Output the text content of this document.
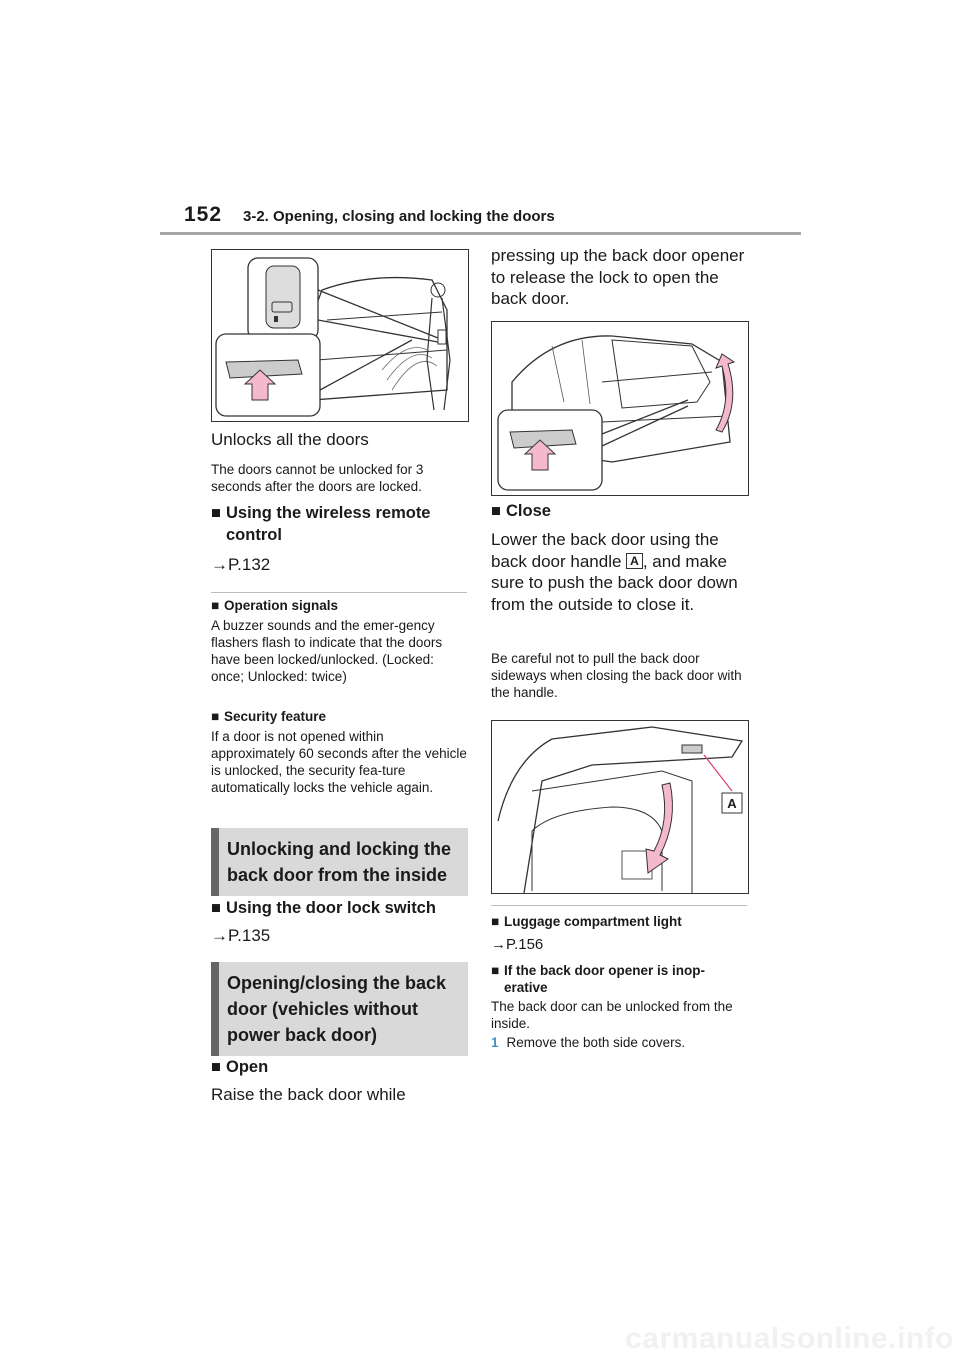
152 3-2. Opening, closing and locking the doors
Unlocks all the doors
The doors cannot be unlocked for 3 seconds after the doors are locked.
■ Using the wireless remote control
→P.132
■ Operation signals
A buzzer sounds and the emer-gency flashers flash to indicate that the doors have been locked/unlocked. (Locked: once; Unlocked: twice)
■ Security feature
If a door is not opened within approximately 60 seconds after the vehicle is unlocked, the security fea-ture automatically locks the vehicle again.
Unlocking and locking the back door from the inside
■ Using the door lock switch
→P.135
Opening/closing the back door (vehicles without power back door)
■ Open
Raise the back door while
pressing up the back door opener to release the lock to open the back door.
■ Close
Lower the back door using the back door handle A , and make sure to push the back door down from the outside to close it.
Be careful not to pull the back door sideways when closing the back door with the handle.
A
■ Luggage compartment light
→P.156
■ If the back door opener is inop-erative
The back door can be unlocked from the inside.
1 Remove the both side covers.
carmanualsonline.info
